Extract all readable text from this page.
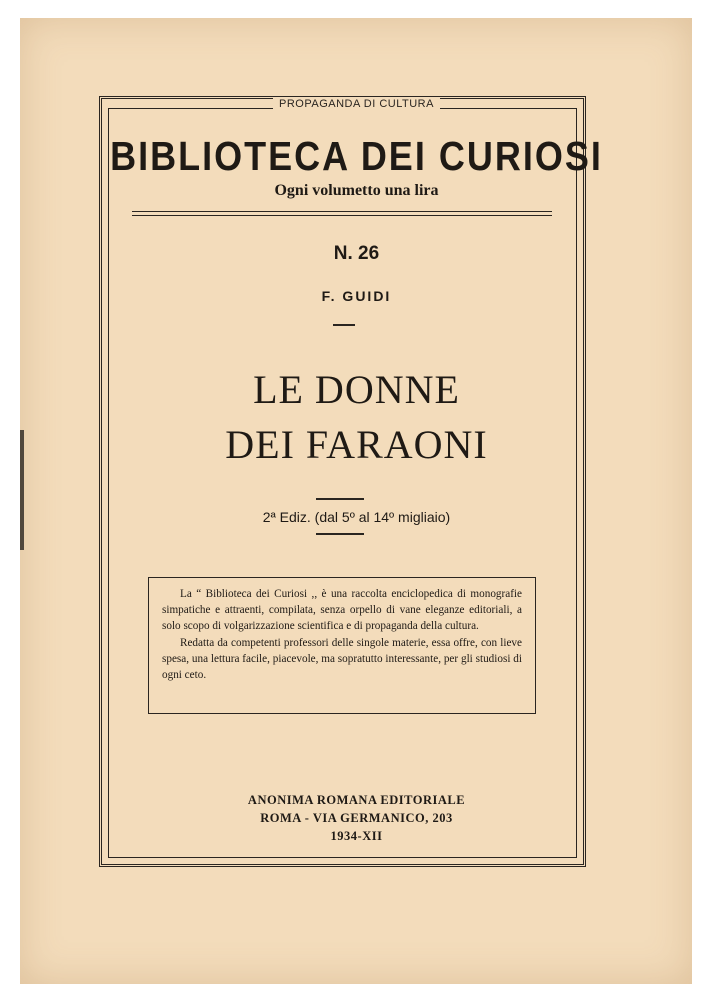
PROPAGANDA DI CULTURA
BIBLIOTECA DEI CURIOSI
Ogni volumetto una lira
N. 26
F. GUIDI
LE DONNE
DEI FARAONI
2ª Ediz. (dal 5º al 14º migliaio)

La “ Biblioteca dei Curiosi ,, è una raccolta enciclopedica di monografie simpatiche e attraenti, compilata, senza orpello di vane eleganze editoriali, a solo scopo di volgarizzazione scientifica e di propaganda della cultura.

Redatta da competenti professori delle singole materie, essa offre, con lieve spesa, una lettura facile, piacevole, ma sopratutto interessante, per gli studiosi di ogni ceto.

ANONIMA ROMANA EDITORIALE
ROMA - VIA GERMANICO, 203
1934-XII
